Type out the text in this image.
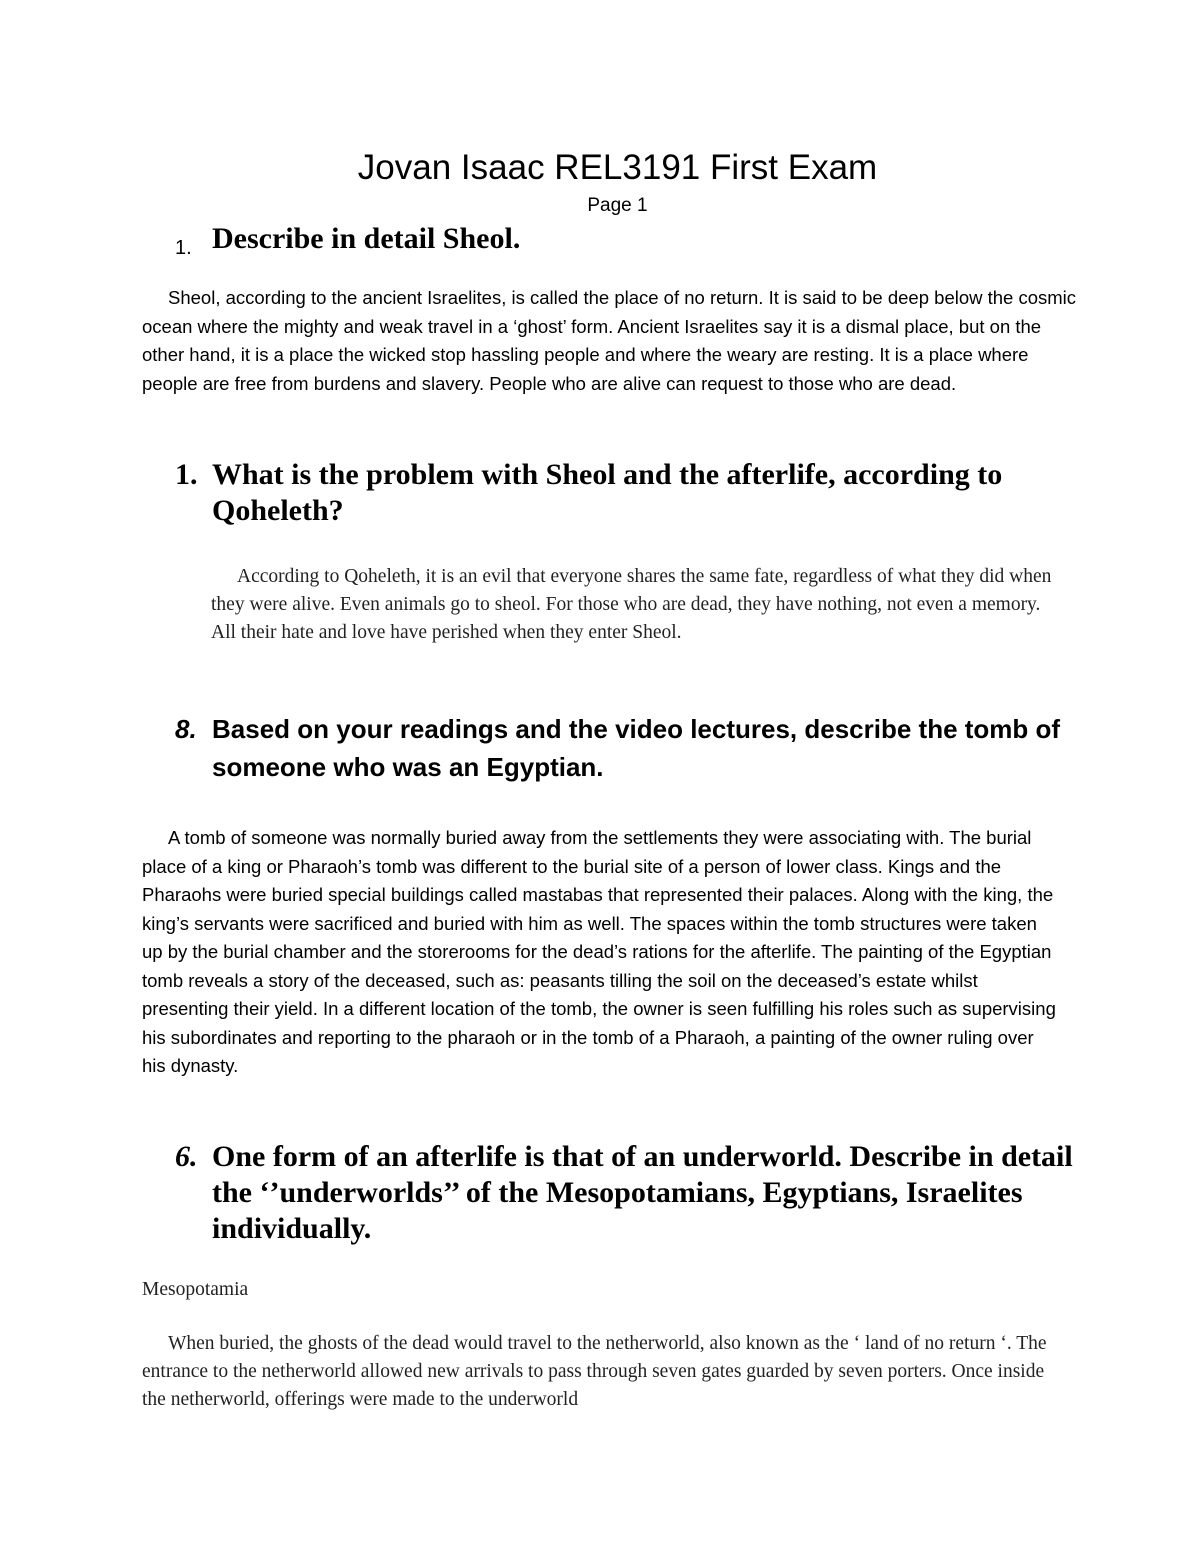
Jovan Isaac REL3191 First Exam
Page 1
1. Describe in detail Sheol.

Sheol, according to the ancient Israelites, is called the place of no return. It is said to be deep below the cosmic ocean where the mighty and weak travel in a ‘ghost’ form. Ancient Israelites say it is a dismal place, but on the other hand, it is a place the wicked stop hassling people and where the weary are resting. It is a place where people are free from burdens and slavery. People who are alive can request to those who are dead.

1. What is the problem with Sheol and the afterlife, according to Qoheleth?

According to Qoheleth, it is an evil that everyone shares the same fate, regardless of what they did when they were alive. Even animals go to sheol. For those who are dead, they have nothing, not even a memory. All their hate and love have perished when they enter Sheol.

8. Based on your readings and the video lectures, describe the tomb of someone who was an Egyptian.

A tomb of someone was normally buried away from the settlements they were associating with. The burial place of a king or Pharaoh’s tomb was different to the burial site of a person of lower class. Kings and the Pharaohs were buried special buildings called mastabas that represented their palaces. Along with the king, the king’s servants were sacrificed and buried with him as well. The spaces within the tomb structures were taken up by the burial chamber and the storerooms for the dead’s rations for the afterlife. The painting of the Egyptian tomb reveals a story of the deceased, such as: peasants tilling the soil on the deceased’s estate whilst presenting their yield. In a different location of the tomb, the owner is seen fulfilling his roles such as supervising his subordinates and reporting to the pharaoh or in the tomb of a Pharaoh, a painting of the owner ruling over his dynasty.

6. One form of an afterlife is that of an underworld. Describe in detail the ‘’underworlds’’ of the Mesopotamians, Egyptians, Israelites individually.
Mesopotamia

When buried, the ghosts of the dead would travel to the netherworld, also known as the ‘ land of no return ‘. The entrance to the netherworld allowed new arrivals to pass through seven gates guarded by seven porters. Once inside the netherworld, offerings were made to the underworld
